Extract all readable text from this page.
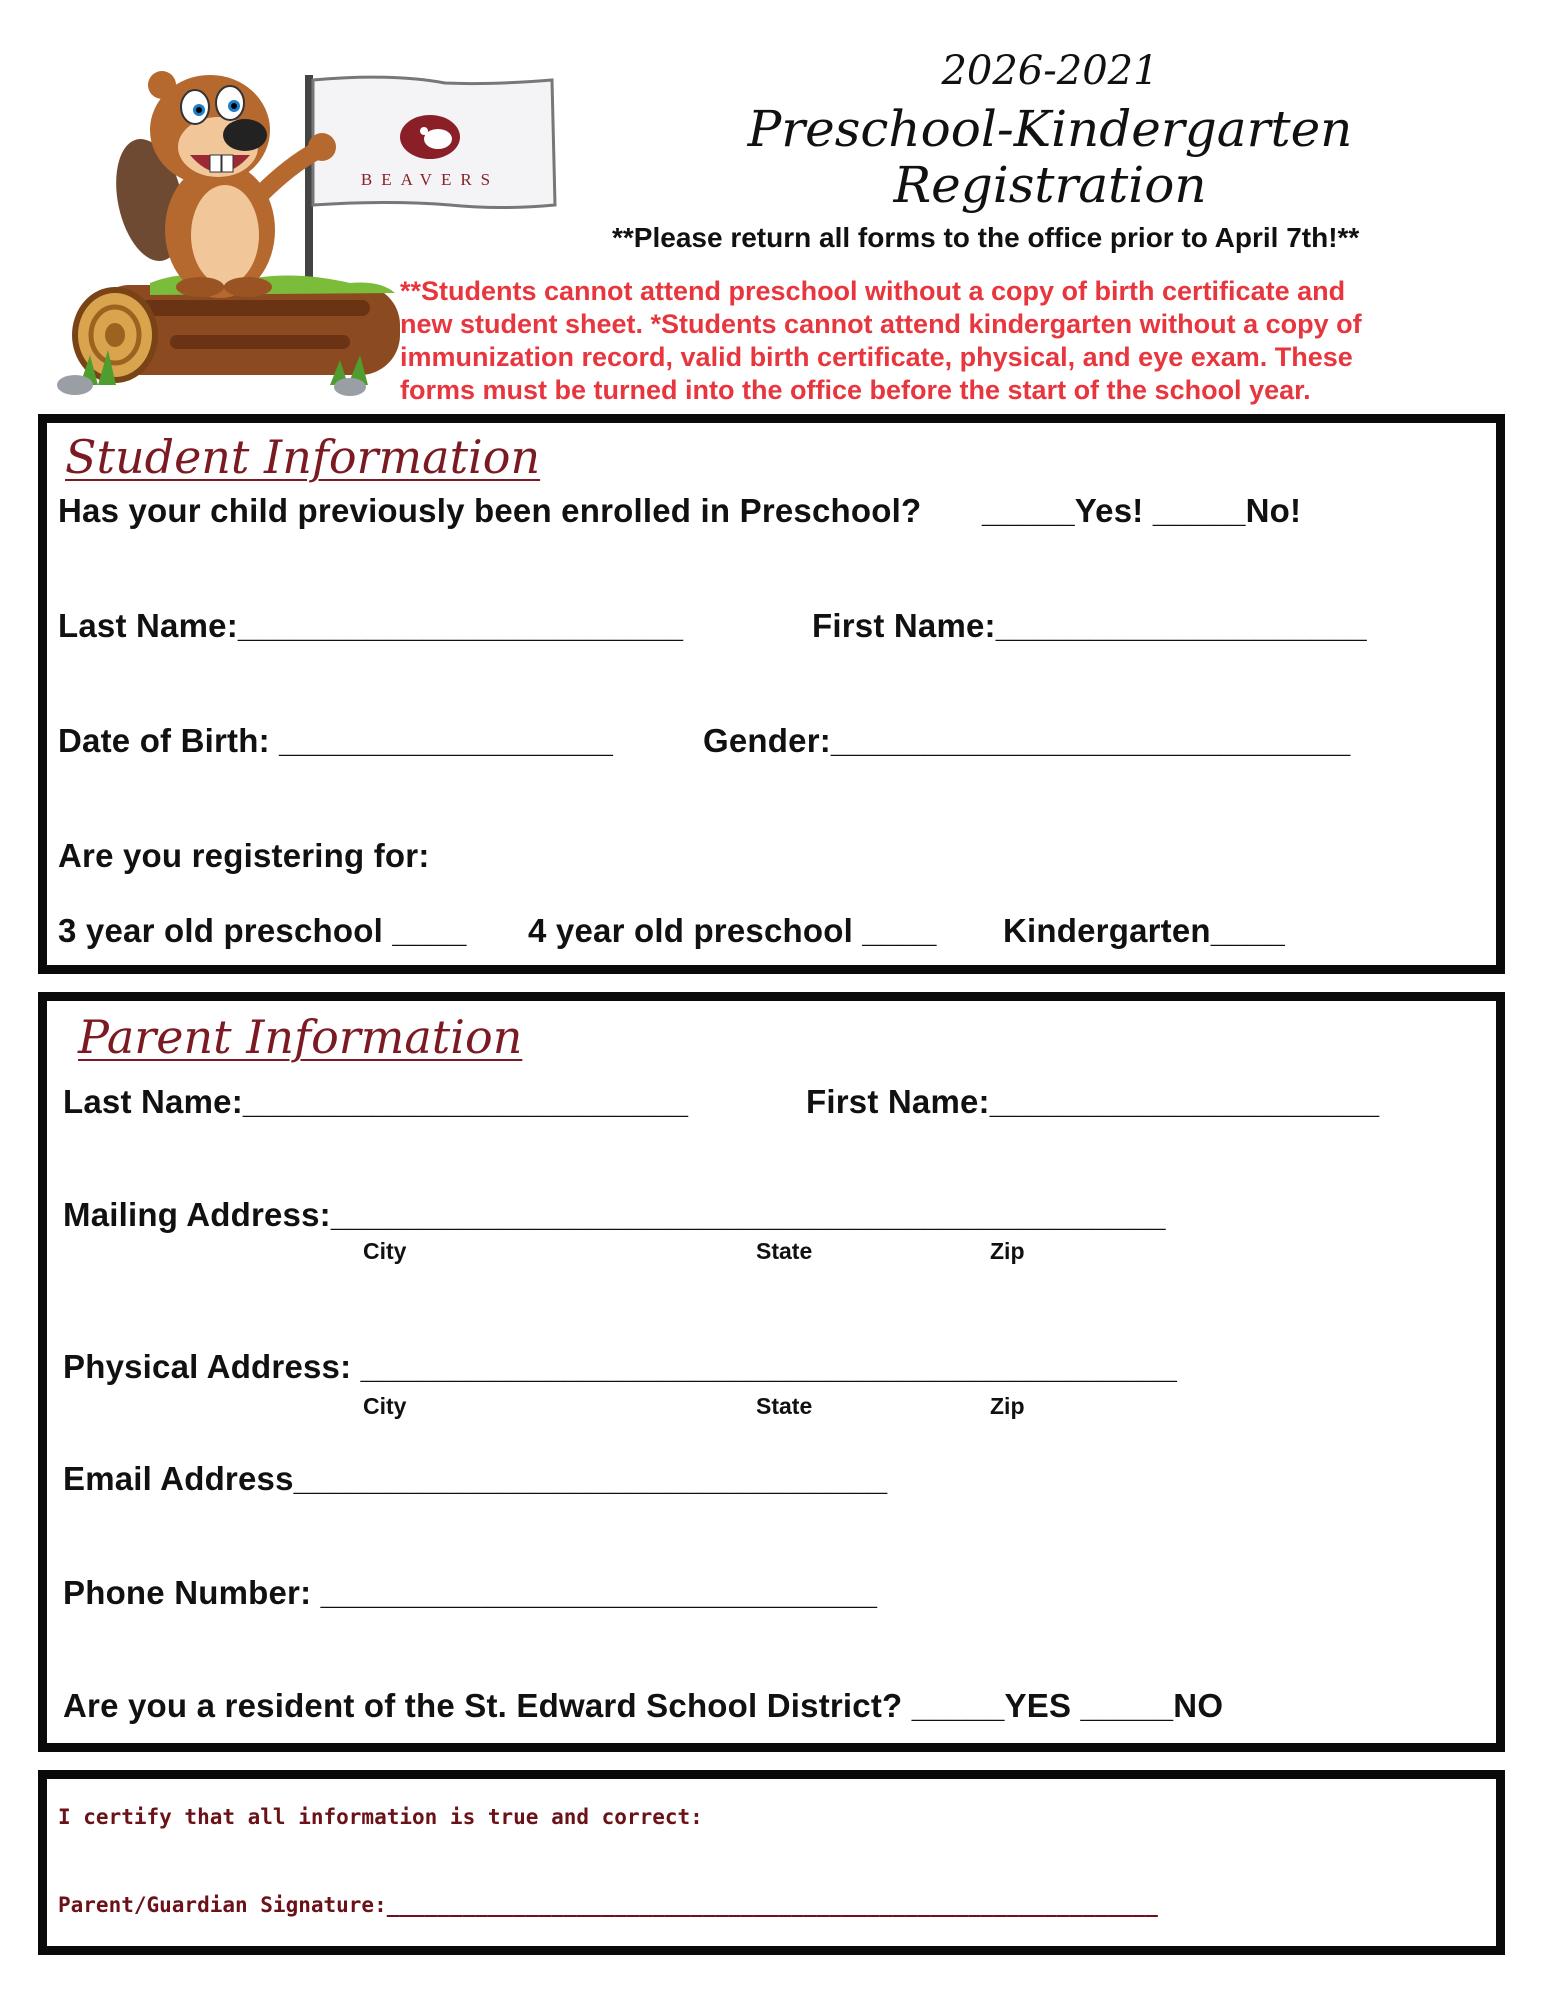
BEAVERS
2026-2021
Preschool-Kindergarten
Registration
**Please return all forms to the office prior to April 7th!**
**Students cannot attend preschool without a copy of birth certificate and
new student sheet. *Students cannot attend kindergarten without a copy of
immunization record, valid birth certificate, physical, and eye exam. These
forms must be turned into the office before the start of the school year.
Student Information
Has your child previously been enrolled in Preschool? _____Yes! _____No!
Last Name:________________________	First Name:____________________
Date of Birth: __________________	Gender:____________________________
Are you registering for:
3 year old preschool ____ 4 year old preschool ____ Kindergarten____
Parent Information
Last Name:________________________	First Name:_____________________
Mailing Address:_____________________________________________
City	State	Zip
Physical Address: ____________________________________________
City	State	Zip
Email Address________________________________
Phone Number: ______________________________
Are you a resident of the St. Edward School District? _____YES _____NO
I certify that all information is true and correct:
Parent/Guardian Signature:_____________________________________________________________
